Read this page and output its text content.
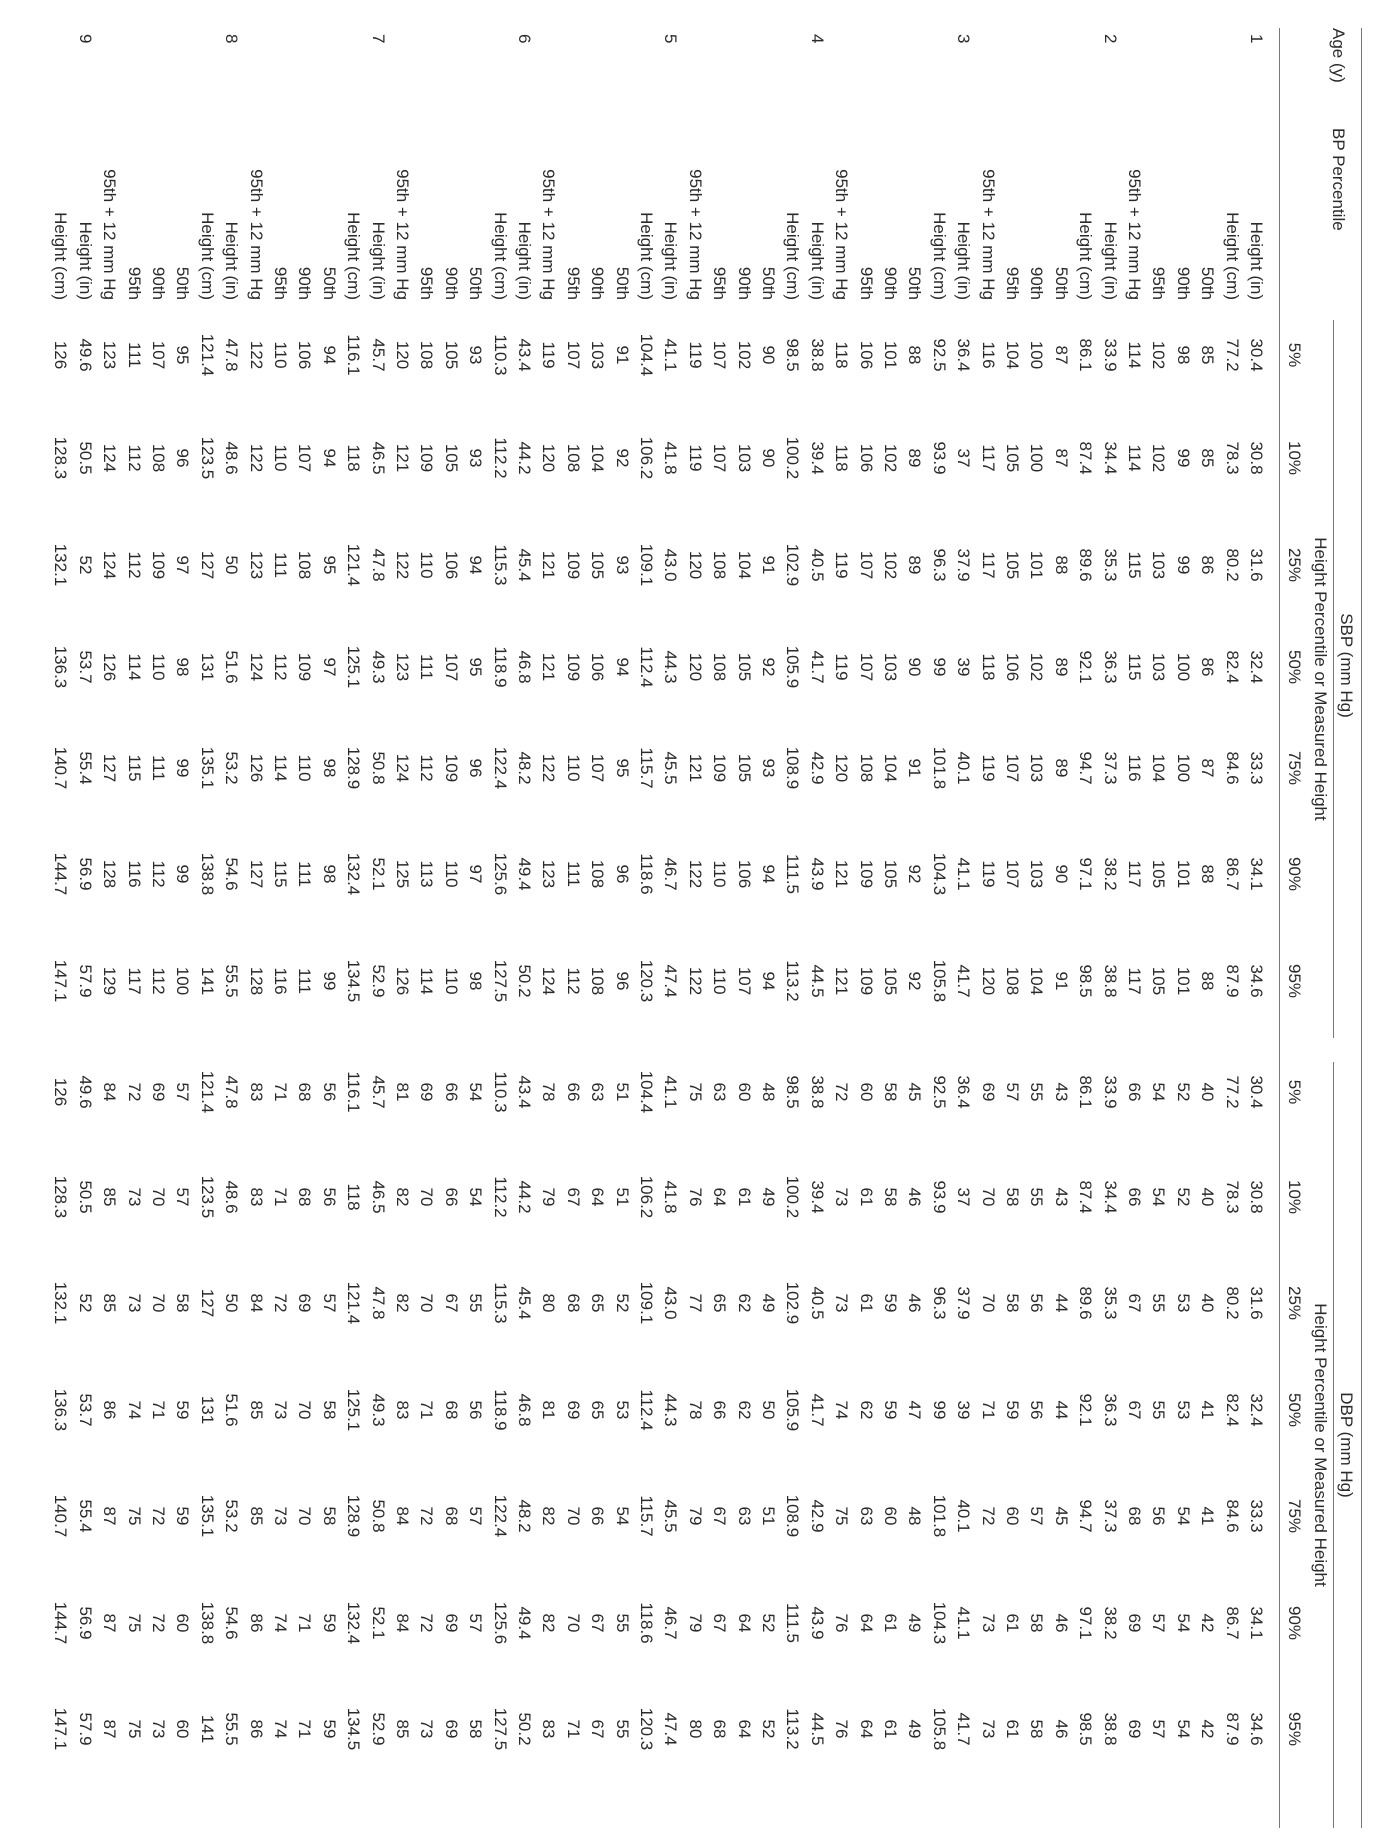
Age (y)
BP Percentile
SBP (mm Hg)
DBP (mm Hg)
Height Percentile or Measured Height
Height Percentile or Measured Height
5%
5%
10%
10%
25%
25%
50%
50%
75%
75%
90%
90%
95%
95%
1
Height (in)
30.4
30.8
31.6
32.4
33.3
34.1
34.6
30.4
30.8
31.6
32.4
33.3
34.1
34.6
Height (cm)
77.2
78.3
80.2
82.4
84.6
86.7
87.9
77.2
78.3
80.2
82.4
84.6
86.7
87.9
50th
85
85
86
86
87
88
88
40
40
40
41
41
42
42
90th
98
99
99
100
100
101
101
52
52
53
53
54
54
54
95th
102
102
103
103
104
105
105
54
54
55
55
56
57
57
95th + 12 mm Hg
114
114
115
115
116
117
117
66
66
67
67
68
69
69
2
Height (in)
33.9
34.4
35.3
36.3
37.3
38.2
38.8
33.9
34.4
35.3
36.3
37.3
38.2
38.8
Height (cm)
86.1
87.4
89.6
92.1
94.7
97.1
98.5
86.1
87.4
89.6
92.1
94.7
97.1
98.5
50th
87
87
88
89
89
90
91
43
43
44
44
45
46
46
90th
100
100
101
102
103
103
104
55
55
56
56
57
58
58
95th
104
105
105
106
107
107
108
57
58
58
59
60
61
61
95th + 12 mm Hg
116
117
117
118
119
119
120
69
70
70
71
72
73
73
3
Height (in)
36.4
37
37.9
39
40.1
41.1
41.7
36.4
37
37.9
39
40.1
41.1
41.7
Height (cm)
92.5
93.9
96.3
99
101.8
104.3
105.8
92.5
93.9
96.3
99
101.8
104.3
105.8
50th
88
89
89
90
91
92
92
45
46
46
47
48
49
49
90th
101
102
102
103
104
105
105
58
58
59
59
60
61
61
95th
106
106
107
107
108
109
109
60
61
61
62
63
64
64
95th + 12 mm Hg
118
118
119
119
120
121
121
72
73
73
74
75
76
76
4
Height (in)
38.8
39.4
40.5
41.7
42.9
43.9
44.5
38.8
39.4
40.5
41.7
42.9
43.9
44.5
Height (cm)
98.5
100.2
102.9
105.9
108.9
111.5
113.2
98.5
100.2
102.9
105.9
108.9
111.5
113.2
50th
90
90
91
92
93
94
94
48
49
49
50
51
52
52
90th
102
103
104
105
105
106
107
60
61
62
62
63
64
64
95th
107
107
108
108
109
110
110
63
64
65
66
67
67
68
95th + 12 mm Hg
119
119
120
120
121
122
122
75
76
77
78
79
79
80
5
Height (in)
41.1
41.8
43.0
44.3
45.5
46.7
47.4
41.1
41.8
43.0
44.3
45.5
46.7
47.4
Height (cm)
104.4
106.2
109.1
112.4
115.7
118.6
120.3
104.4
106.2
109.1
112.4
115.7
118.6
120.3
50th
91
92
93
94
95
96
96
51
51
52
53
54
55
55
90th
103
104
105
106
107
108
108
63
64
65
65
66
67
67
95th
107
108
109
109
110
111
112
66
67
68
69
70
70
71
95th + 12 mm Hg
119
120
121
121
122
123
124
78
79
80
81
82
82
83
6
Height (in)
43.4
44.2
45.4
46.8
48.2
49.4
50.2
43.4
44.2
45.4
46.8
48.2
49.4
50.2
Height (cm)
110.3
112.2
115.3
118.9
122.4
125.6
127.5
110.3
112.2
115.3
118.9
122.4
125.6
127.5
50th
93
93
94
95
96
97
98
54
54
55
56
57
57
58
90th
105
105
106
107
109
110
110
66
66
67
68
68
69
69
95th
108
109
110
111
112
113
114
69
70
70
71
72
72
73
95th + 12 mm Hg
120
121
122
123
124
125
126
81
82
82
83
84
84
85
7
Height (in)
45.7
46.5
47.8
49.3
50.8
52.1
52.9
45.7
46.5
47.8
49.3
50.8
52.1
52.9
Height (cm)
116.1
118
121.4
125.1
128.9
132.4
134.5
116.1
118
121.4
125.1
128.9
132.4
134.5
50th
94
94
95
97
98
98
99
56
56
57
58
58
59
59
90th
106
107
108
109
110
111
111
68
68
69
70
70
71
71
95th
110
110
111
112
114
115
116
71
71
72
73
73
74
74
95th + 12 mm Hg
122
122
123
124
126
127
128
83
83
84
85
85
86
86
8
Height (in)
47.8
48.6
50
51.6
53.2
54.6
55.5
47.8
48.6
50
51.6
53.2
54.6
55.5
Height (cm)
121.4
123.5
127
131
135.1
138.8
141
121.4
123.5
127
131
135.1
138.8
141
50th
95
96
97
98
99
99
100
57
57
58
59
59
60
60
90th
107
108
109
110
111
112
112
69
70
70
71
72
72
73
95th
111
112
112
114
115
116
117
72
73
73
74
75
75
75
95th + 12 mm Hg
123
124
124
126
127
128
129
84
85
85
86
87
87
87
9
Height (in)
49.6
50.5
52
53.7
55.4
56.9
57.9
49.6
50.5
52
53.7
55.4
56.9
57.9
Height (cm)
126
128.3
132.1
136.3
140.7
144.7
147.1
126
128.3
132.1
136.3
140.7
144.7
147.1
